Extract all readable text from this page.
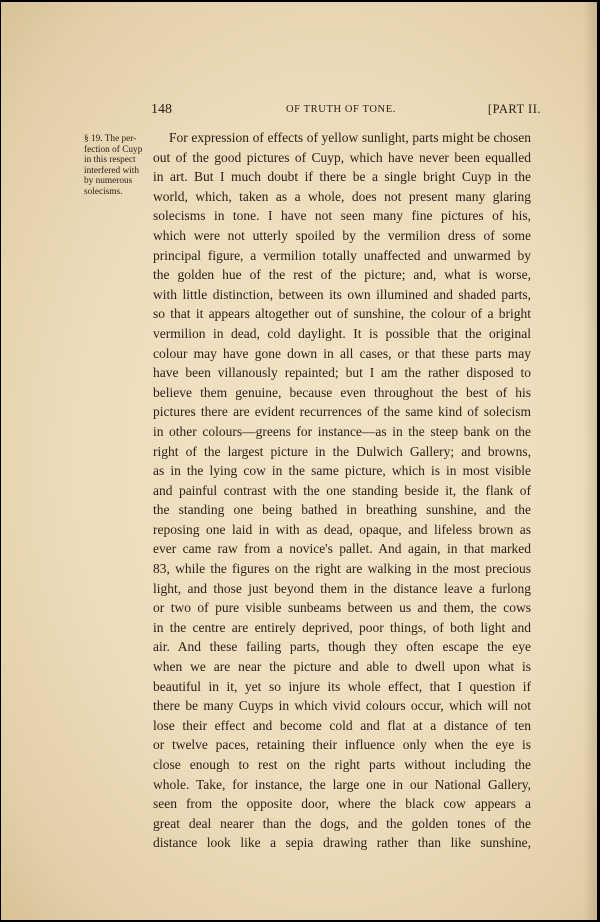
148	OF TRUTH OF TONE.	[PART II.
§ 19. The per-
fection of Cuyp
in this respect
interfered with
by numerous
solecisms.
For expression of effects of yellow sunlight, parts might be chosen
out of the good pictures of Cuyp, which have never been equalled
in art. But I much doubt if there be a single bright Cuyp in the
world, which, taken as a whole, does not present many glaring
solecisms in tone. I have not seen many fine pictures of his,
which were not utterly spoiled by the vermilion dress of some
principal figure, a vermilion totally unaffected and unwarmed by
the golden hue of the rest of the picture; and, what is worse,
with little distinction, between its own illumined and shaded parts,
so that it appears altogether out of sunshine, the colour of a bright
vermilion in dead, cold daylight. It is possible that the original
colour may have gone down in all cases, or that these parts may
have been villanously repainted; but I am the rather disposed to
believe them genuine, because even throughout the best of his
pictures there are evident recurrences of the same kind of solecism
in other colours—greens for instance—as in the steep bank on the
right of the largest picture in the Dulwich Gallery; and browns,
as in the lying cow in the same picture, which is in most visible
and painful contrast with the one standing beside it, the flank of
the standing one being bathed in breathing sunshine, and the
reposing one laid in with as dead, opaque, and lifeless brown as
ever came raw from a novice's pallet. And again, in that marked
83, while the figures on the right are walking in the most precious
light, and those just beyond them in the distance leave a furlong
or two of pure visible sunbeams between us and them, the cows
in the centre are entirely deprived, poor things, of both light and
air. And these failing parts, though they often escape the eye
when we are near the picture and able to dwell upon what is
beautiful in it, yet so injure its whole effect, that I question if
there be many Cuyps in which vivid colours occur, which will not
lose their effect and become cold and flat at a distance of ten
or twelve paces, retaining their influence only when the eye is
close enough to rest on the right parts without including the
whole. Take, for instance, the large one in our National Gallery,
seen from the opposite door, where the black cow appears a
great deal nearer than the dogs, and the golden tones of the
distance look like a sepia drawing rather than like sunshine,
